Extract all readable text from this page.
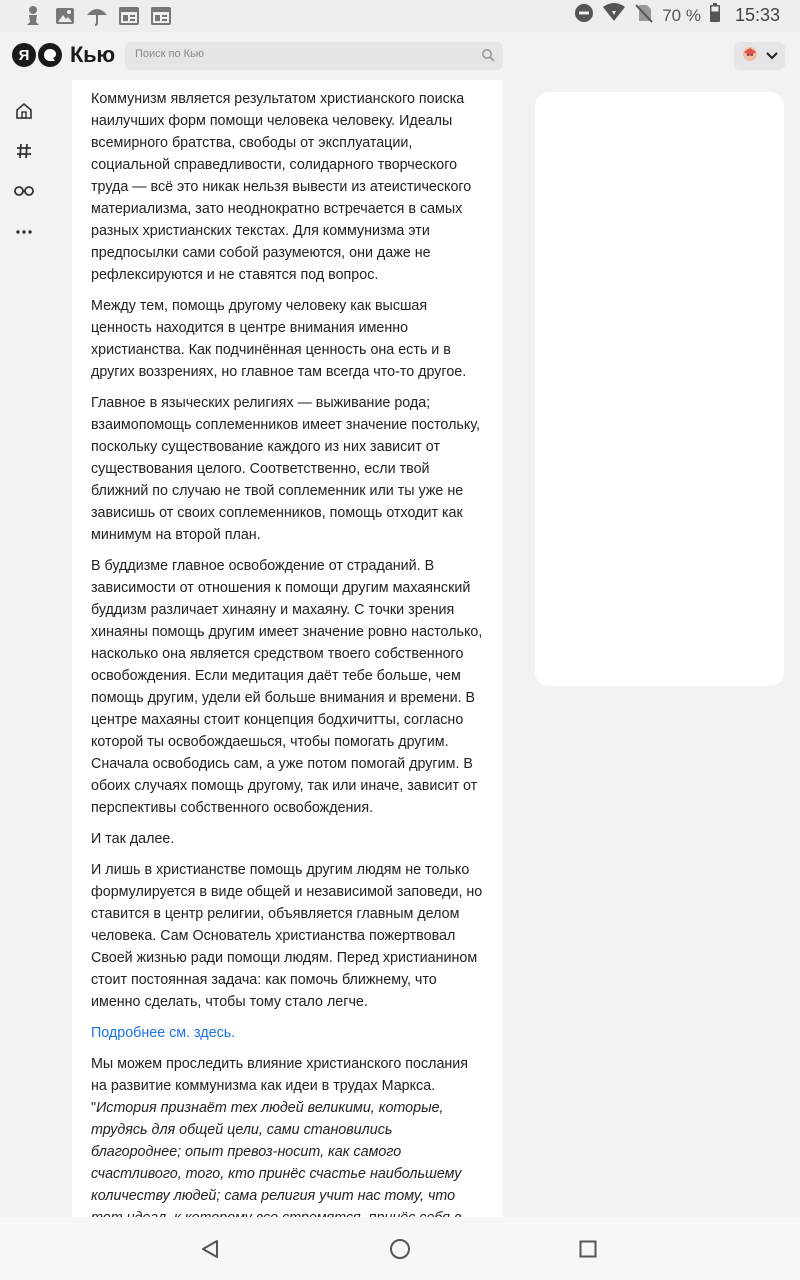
70 % 15:33
Я	Кью Поиск по Кью

Коммунизм является результатом христианского поиска наилучших форм помощи человека человеку. Идеалы всемирного братства, свободы от эксплуатации, социальной справедливости, солидарного творческого труда — всё это никак нельзя вывести из атеистического материализма, зато неоднократно встречается в самых разных христианских текстах. Для коммунизма эти предпосылки сами собой разумеются, они даже не рефлексируются и не ставятся под вопрос.

Между тем, помощь другому человеку как высшая ценность находится в центре внимания именно христианства. Как подчинённая ценность она есть и в других воззрениях, но главное там всегда что-то другое.

Главное в языческих религиях — выживание рода; взаимопомощь соплеменников имеет значение постольку, поскольку существование каждого из них зависит от существования целого. Соответственно, если твой ближний по случаю не твой соплеменник или ты уже не зависишь от своих соплеменников, помощь отходит как минимум на второй план.

В буддизме главное освобождение от страданий. В зависимости от отношения к помощи другим махаянский буддизм различает хинаяну и махаяну. С точки зрения хинаяны помощь другим имеет значение ровно настолько, насколько она является средством твоего собственного освобождения. Если медитация даёт тебе больше, чем помощь другим, удели ей больше внимания и времени. В центре махаяны стоит концепция бодхичитты, согласно которой ты освобождаешься, чтобы помогать другим. Сначала освободись сам, а уже потом помогай другим. В обоих случаях помощь другому, так или иначе, зависит от перспективы собственного освобождения.

И так далее.

И лишь в христианстве помощь другим людям не только формулируется в виде общей и независимой заповеди, но ставится в центр религии, объявляется главным делом человека. Сам Основатель христианства пожертвовал Своей жизнью ради помощи людям. Перед христианином стоит постоянная задача: как помочь ближнему, что именно сделать, чтобы тому стало легче.

Подробнее см. здесь.

Мы можем проследить влияние христианского послания на развитие коммунизма как идеи в трудах Маркса. "История признаёт тех людей великими, которые, трудясь для общей цели, сами становились благороднее; опыт превоз-носит, как самого счастливого, того, кто принёс счастье наибольшему количеству людей; сама религия учит нас тому, что
